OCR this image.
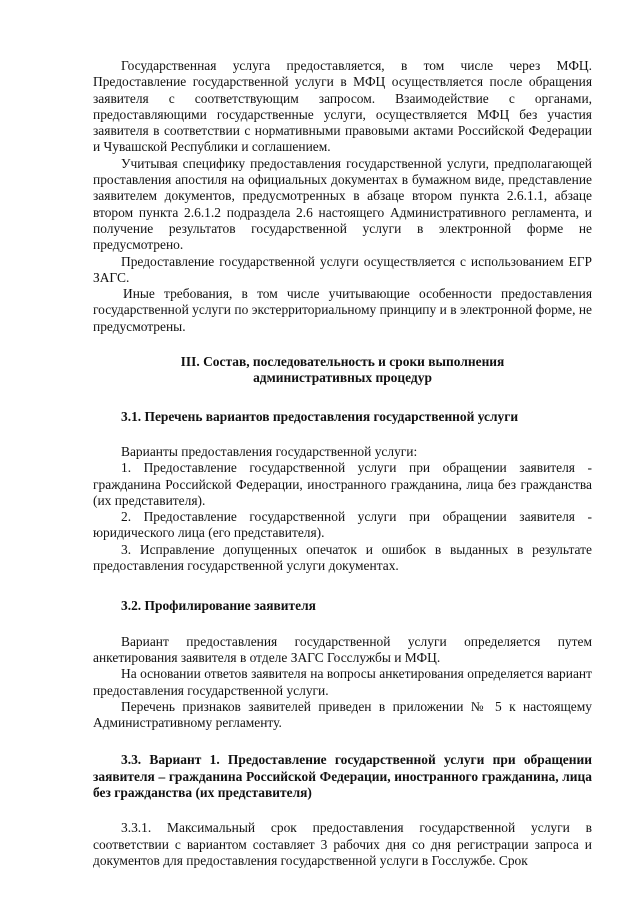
Государственная услуга предоставляется, в том числе через МФЦ. Предоставление государственной услуги в МФЦ осуществляется после обращения заявителя с соответствующим запросом. Взаимодействие с органами, предоставляющими государственные услуги, осуществляется МФЦ без участия заявителя в соответствии с нормативными правовыми актами Российской Федерации и Чувашской Республики и соглашением.

Учитывая специфику предоставления государственной услуги, предполагающей проставления апостиля на официальных документах в бумажном виде, представление заявителем документов, предусмотренных в абзаце втором пункта 2.6.1.1, абзаце втором пункта 2.6.1.2 подраздела 2.6 настоящего Административного регламента, и получение результатов государственной услуги в электронной форме не предусмотрено.

Предоставление государственной услуги осуществляется с использованием ЕГР ЗАГС.

Иные требования, в том числе учитывающие особенности предоставления государственной услуги по экстерриториальному принципу и в электронной форме, не предусмотрены.

III. Состав, последовательность и сроки выполнения

административных процедур

3.1. Перечень вариантов предоставления государственной услуги

Варианты предоставления государственной услуги:

1. Предоставление государственной услуги при обращении заявителя - гражданина Российской Федерации, иностранного гражданина, лица без гражданства (их представителя).

2. Предоставление государственной услуги при обращении заявителя - юридического лица (его представителя).

3. Исправление допущенных опечаток и ошибок в выданных в результате предоставления государственной услуги документах.

3.2. Профилирование заявителя

Вариант предоставления государственной услуги определяется путем анкетирования заявителя в отделе ЗАГС Госслужбы и МФЦ.

На основании ответов заявителя на вопросы анкетирования определяется вариант предоставления государственной услуги.

Перечень признаков заявителей приведен в приложении № 5 к настоящему Административному регламенту.

3.3. Вариант 1. Предоставление государственной услуги при обращении заявителя – гражданина Российской Федерации, иностранного гражданина, лица без гражданства (их представителя)

3.3.1. Максимальный срок предоставления государственной услуги в соответствии с вариантом составляет 3 рабочих дня со дня регистрации запроса и документов для предоставления государственной услуги в Госслужбе. Срок
